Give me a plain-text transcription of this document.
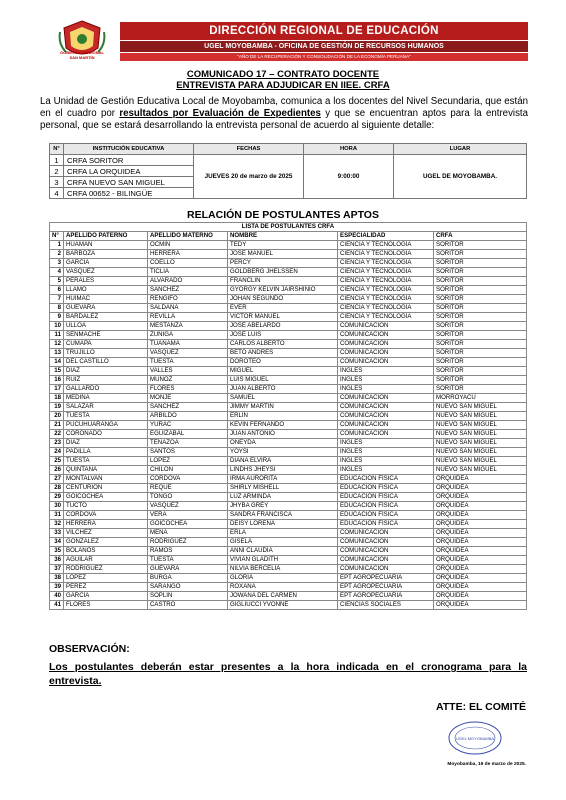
GOBIERNO REGIONAL
SAN MARTÍN
DIRECCIÓN REGIONAL DE EDUCACIÓN
UGEL MOYOBAMBA - OFICINA DE GESTIÓN DE RECURSOS HUMANOS
"AÑO DE LA RECUPERACIÓN Y CONSOLIDACIÓN DE LA ECONOMÍA PERUANA"
COMUNICADO 17 – CONTRATO DOCENTE
ENTREVISTA PARA ADJUDICAR EN IIEE. CRFA
La Unidad de Gestión Educativa Local de Moyobamba, comunica a los docentes del Nivel Secundaria, que están en el cuadro por resultados por Evaluación de Expedientes y que se encuentran aptos para la entrevista personal, que se estará desarrollando la entrevista personal de acuerdo al siguiente detalle:
N°	INSTITUCIÓN EDUCATIVA	FECHAS	HORA	LUGAR
1	CRFA SORITOR	JUEVES 20 de marzo de 2025	9:00:00	UGEL DE MOYOBAMBA.
2	CRFA LA ORQUIDEA			
3	CRFA NUEVO SAN MIGUEL			
4	CRFA 00652 - BILINGÜE			
RELACIÓN DE POSTULANTES APTOS
LISTA DE POSTULANTES CRFA					
N°	APELLIDO PATERNO	APELLIDO MATERNO	NOMBRE	ESPECIALIDAD	CRFA
1	HUAMAN	OCMIN	TEDY	CIENCIA Y TECNOLOGÍA	SORITOR
2	BARBOZA	HERRERA	JOSE MANUEL	CIENCIA Y TECNOLOGÍA	SORITOR
3	GARCIA	COELLO	PERCY	CIENCIA Y TECNOLOGÍA	SORITOR
4	VASQUEZ	TICLIA	GOLDBERG JHELSSEN	CIENCIA Y TECNOLOGÍA	SORITOR
5	PERALES	ALVARADO	FRANCLIN	CIENCIA Y TECNOLOGÍA	SORITOR
6	LLAMO	SANCHEZ	GYORGY KELVIN JAIRSHINIO	CIENCIA Y TECNOLOGÍA	SORITOR
7	HUIMAC	RENGIFO	JOHAN SEGUNDO	CIENCIA Y TECNOLOGÍA	SORITOR
8	GUEVARA	SALDAÑA	EVER	CIENCIA Y TECNOLOGÍA	SORITOR
9	BARDALEZ	REVILLA	VICTOR MANUEL	CIENCIA Y TECNOLOGÍA	SORITOR
10	ULLOA	MESTANZA	JOSE ABELARDO	COMUNICACIÓN	SORITOR
11	SENMACHE	ZUÑIGA	JOSE LUIS	COMUNICACIÓN	SORITOR
12	CUMAPA	TUANAMA	CARLOS ALBERTO	COMUNICACIÓN	SORITOR
13	TRUJILLO	VASQUEZ	BETO ANDRES	COMUNICACIÓN	SORITOR
14	DEL CASTILLO	TUESTA	DOROTEO	COMUNICACIÓN	SORITOR
15	DIAZ	VALLES	MIGUEL	INGLES	SORITOR
16	RUIZ	MUÑOZ	LUIS MIGUEL	INGLES	SORITOR
17	GALLARDO	FLORES	JUAN ALBERTO	INGLES	SORITOR
18	MEDINA	MONJE	SAMUEL	COMUNICACIÓN	MORROYACU
19	SALAZAR	SANCHEZ	JIMMY MARTIN	COMUNICACIÓN	NUEVO SAN MIGUEL
20	TUESTA	ARBILDO	ERLIN	COMUNICACIÓN	NUEVO SAN MIGUEL
21	PUCUHUARANGA	YURAC	KEVIN FERNANDO	COMUNICACIÓN	NUEVO SAN MIGUEL
22	CORONADO	EGUIZABAL	JUAN ANTONIO	COMUNICACIÓN	NUEVO SAN MIGUEL
23	DIAZ	TENAZOA	ONEYDA	INGLES	NUEVO SAN MIGUEL
24	PADILLA	SANTOS	YOYSI	INGLES	NUEVO SAN MIGUEL
25	TUESTA	LOPEZ	DIANA ELVIRA	INGLES	NUEVO SAN MIGUEL
26	QUINTANA	CHILON	LINDHS JHEYSI	INGLES	NUEVO SAN MIGUEL
27	MONTALVAN	CORDOVA	IRMA AURORITA	EDUCACIÓN FÍSICA	ORQUIDEA
28	CENTURIÓN	REQUE	SHIRLY MISHELL	EDUCACIÓN FÍSICA	ORQUIDEA
29	GOICOCHEA	TONGO	LUZ ARMINDA	EDUCACIÓN FÍSICA	ORQUIDEA
30	TUCTO	VASQUEZ	JHYBA GREY	EDUCACIÓN FÍSICA	ORQUIDEA
31	CORDOVA	VERA	SANDRA FRANCISCA	EDUCACIÓN FÍSICA	ORQUIDEA
32	HERRERA	GOICOCHEA	DEISY LORENA	EDUCACIÓN FÍSICA	ORQUIDEA
33	VILCHEZ	MENA	ERLA	COMUNICACIÓN	ORQUIDEA
34	GONZALEZ	RODRIGUEZ	GISELA	COMUNICACIÓN	ORQUIDEA
35	BOLAÑOS	RAMOS	ANNI CLAUDIA	COMUNICACIÓN	ORQUIDEA
36	AGUILAR	TUESTA	VIVIAN GLADITH	COMUNICACIÓN	ORQUIDEA
37	RODRIGUEZ	GUEVARA	NILVIA BERCELIA	COMUNICACIÓN	ORQUIDEA
38	LOPEZ	BURGA	GLORIA	EPT AGROPECUARIA	ORQUIDEA
39	PEREZ	SARANGO	ROXANA	EPT AGROPECUARIA	ORQUIDEA
40	GARCIA	SOPLIN	JOWANA DEL CARMEN	EPT AGROPECUARIA	ORQUIDEA
41	FLORES	CASTRO	GIGLIUCCI YVONNE	CIENCIAS SOCIALES	ORQUIDEA
OBSERVACIÓN:
Los postulantes deberán estar presentes a la hora indicada en el cronograma para la entrevista.
ATTE: EL COMITÉ
UGEL MOYOBAMBA
Moyobamba, 19 de marzo de 2025.
